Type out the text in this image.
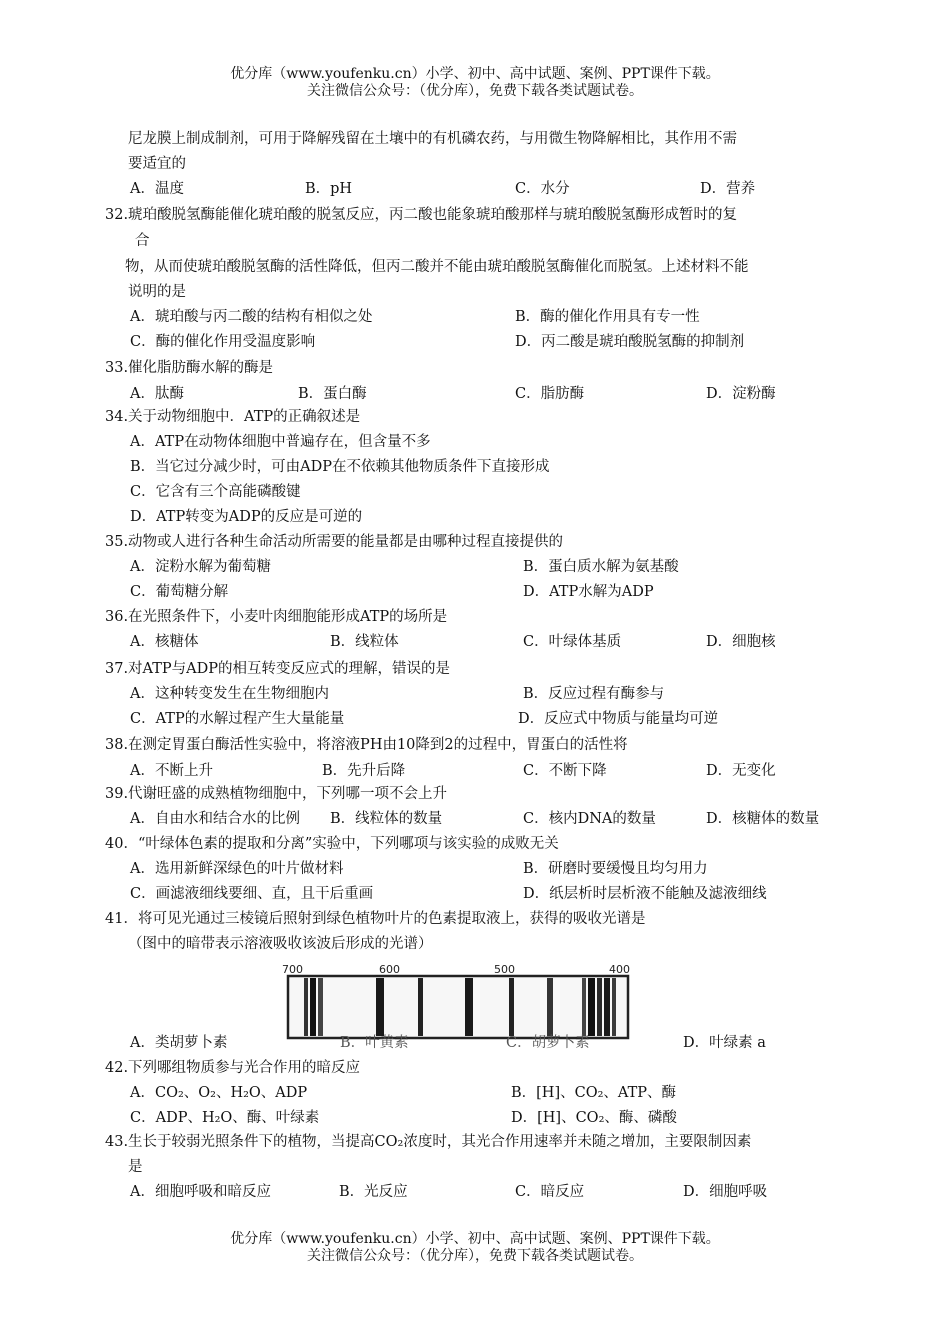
优分库（www.youfenku.cn）小学、初中、高中试题、案例、PPT课件下载。
关注微信公众号：（优分库），免费下载各类试题试卷。
尼龙膜上制成制剂，可用于降解残留在土壤中的有机磷农药，与用微生物降解相比，其作用不需
要适宜的
A．温度	B．pH	C．水分	D．营养
32.琥珀酸脱氢酶能催化琥珀酸的脱氢反应，丙二酸也能象琥珀酸那样与琥珀酸脱氢酶形成暂时的复
合
物，从而使琥珀酸脱氢酶的活性降低，但丙二酸并不能由琥珀酸脱氢酶催化而脱氢。上述材料不能
说明的是
A．琥珀酸与丙二酸的结构有相似之处	B．酶的催化作用具有专一性
C．酶的催化作用受温度影响	D．丙二酸是琥珀酸脱氢酶的抑制剂
33.催化脂肪酶水解的酶是
A．肽酶	B．蛋白酶	C．脂肪酶	D．淀粉酶
34.关于动物细胞中．ATP的正确叙述是
A．ATP在动物体细胞中普遍存在，但含量不多
B．当它过分减少时，可由ADP在不依赖其他物质条件下直接形成
C．它含有三个高能磷酸键
D．ATP转变为ADP的反应是可逆的
35.动物或人进行各种生命活动所需要的能量都是由哪种过程直接提供的
A．淀粉水解为葡萄糖	B．蛋白质水解为氨基酸
C．葡萄糖分解	D．ATP水解为ADP
36.在光照条件下，小麦叶肉细胞能形成ATP的场所是
A．核糖体	B．线粒体	C．叶绿体基质	D．细胞核
37.对ATP与ADP的相互转变反应式的理解，错误的是
A．这种转变发生在生物细胞内	B．反应过程有酶参与
C．ATP的水解过程产生大量能量	D．反应式中物质与能量均可逆
38.在测定胃蛋白酶活性实验中，将溶液PH由10降到2的过程中，胃蛋白的活性将
A．不断上升	B．先升后降	C．不断下降	D．无变化
39.代谢旺盛的成熟植物细胞中，下列哪一项不会上升
A．自由水和结合水的比例 B．线粒体的数量	C．核内DNA的数量	D．核糖体的数量
40．“叶绿体色素的提取和分离”实验中，下列哪项与该实验的成败无关
A．选用新鲜深绿色的叶片做材料	B．研磨时要缓慢且均匀用力
C．画滤液细线要细、直，且干后重画	D．纸层析时层析液不能触及滤液细线
41．将可见光通过三棱镜后照射到绿色植物叶片的色素提取液上，获得的吸收光谱是
（图中的暗带表示溶液吸收该波后形成的光谱）
700	600	500	400
A．类胡萝卜素	B．叶黄素	C．胡萝卜素	D．叶绿素 a
42.下列哪组物质参与光合作用的暗反应
A．CO₂、O₂、H₂O、ADP	B．[H]、CO₂、ATP、酶
C．ADP、H₂O、酶、叶绿素	D．[H]、CO₂、酶、磷酸
43.生长于较弱光照条件下的植物，当提高CO₂浓度时，其光合作用速率并未随之增加，主要限制因素
是
A．细胞呼吸和暗反应	B．光反应	C．暗反应	D．细胞呼吸
优分库（www.youfenku.cn）小学、初中、高中试题、案例、PPT课件下载。
关注微信公众号：（优分库），免费下载各类试题试卷。
